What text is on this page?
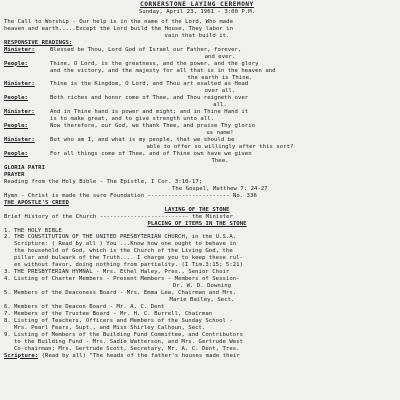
CORNERSTONE LAYING CEREMONY

Sunday, April 23, 1961 - 3:00 P.M.

The Call to Worship - Our help is in the name of the Lord, Who made

heaven and earth.....Except the Lord build the House, They labor in

vain that build it.

RESPONSIVE READINGS:

Minister:	Blessed be Thou, Lord God of Israel our Father, forever,

and ever.

People:	Thine, O Lord, is the greatness, and the power, and the glory

and the victory, and the majesty for all that is in the heaven and

the earth is Thine.

Minister:	Thine is the Kingdom, O Lord, and Thou art exalted as Head

over all.

People:	Both riches and honor come of Thee, and Thou reigneth over

all.

Minister:	And in Thine hand is power and might; and in Thine Hand it

is to make great, and to give strength unto all.

People:	Now therefore, our God, we thank Thee, and praise Thy glorio

us name!

Minister:	But who am I, and what is my people, that we should be

able to offer so willingly after this sort?

People:	For all things come of Thee, and of Thine own have we given

Thee.

GLORIA PATRI

PRAYER

Reading from the Holy Bible - The Epistle, I Cor. 3:10-17;

The Gospel, Matthew 7: 24-27

Hymn - Christ is made the sure Foundation ------------------------ No. 336

THE APOSTLE'S CREED

LAYING OF THE STONE

Brief History of the Church -------------------------- the Minister

PLACING OF ITEMS IN THE STONE

1. THE HOLY BIBLE

2. THE CONSTITUTION OF THE UNITED PRESBYTERIAN CHURCH, in the U.S.A.

Scripture: ( Read by all ) You ...Know how one ought to behave in

the household of God, which is the Church of the Living God, the

pillar and bulwark of the Truth.... I charge you to keep these rul-

es without favor, doing nothing from partiality. (I Tim.3:15; 5:21)

3. THE PRESBYTERIAN HYMNAL - Mrs. Ethel Haley, Pres., Senior Choir

4. Listing of Charter Members - Present Members - Members of Session-

Dr. W. D. Downing

5. Members of the Deaconess Board - Mrs. Emma Lee, Chairman and Mrs.

Marie Bailey, Sect.

6. Members of the Deacon Board - Mr. A. C. Dent

7. Members of the Trustee Board - Mr. H. C. Burrell, Chairman

8. Listing of Teachers, Officers and Members of the Sunday School -

Mrs. Pearl Fears, Supt., and Miss Shirley Calhoun, Sect.

9. Listing of Members of the Building Fund Committee, and Contributors

to the Building Fund - Mrs. Sadie Watterson, and Mrs. Gertrude West

Co-chairman; Mrs. Gertrude Scott, Secretary, Mr. A. C. Dent, Tres.

Scripture: (Read by all) "The heads of the father's houses made their
